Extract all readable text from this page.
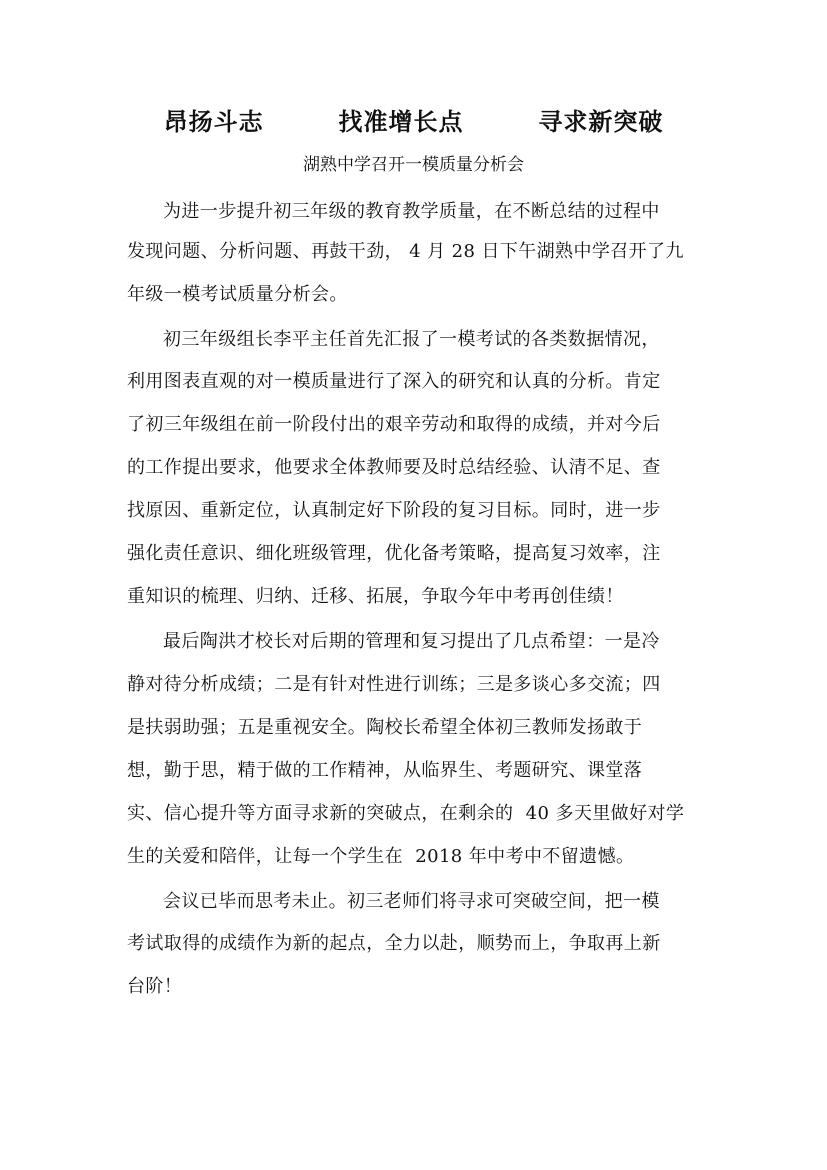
昂扬斗志        找准增长点        寻求新突破
湖熟中学召开一模质量分析会
为进一步提升初三年级的教育教学质量，在不断总结的过程中
发现问题、分析问题、再鼓干劲， 4 月 28 日下午湖熟中学召开了九
年级一模考试质量分析会。
初三年级组长李平主任首先汇报了一模考试的各类数据情况，
利用图表直观的对一模质量进行了深入的研究和认真的分析。肯定
了初三年级组在前一阶段付出的艰辛劳动和取得的成绩，并对今后
的工作提出要求，他要求全体教师要及时总结经验、认清不足、查
找原因、重新定位，认真制定好下阶段的复习目标。同时，进一步
强化责任意识、细化班级管理，优化备考策略，提高复习效率，注
重知识的梳理、归纳、迁移、拓展，争取今年中考再创佳绩！
最后陶洪才校长对后期的管理和复习提出了几点希望：一是冷
静对待分析成绩；二是有针对性进行训练；三是多谈心多交流；四
是扶弱助强；五是重视安全。陶校长希望全体初三教师发扬敢于
想，勤于思，精于做的工作精神，从临界生、考题研究、课堂落
实、信心提升等方面寻求新的突破点，在剩余的  40 多天里做好对学
生的关爱和陪伴，让每一个学生在  2018 年中考中不留遗憾。
会议已毕而思考未止。初三老师们将寻求可突破空间，把一模
考试取得的成绩作为新的起点，全力以赴，顺势而上，争取再上新
台阶！
